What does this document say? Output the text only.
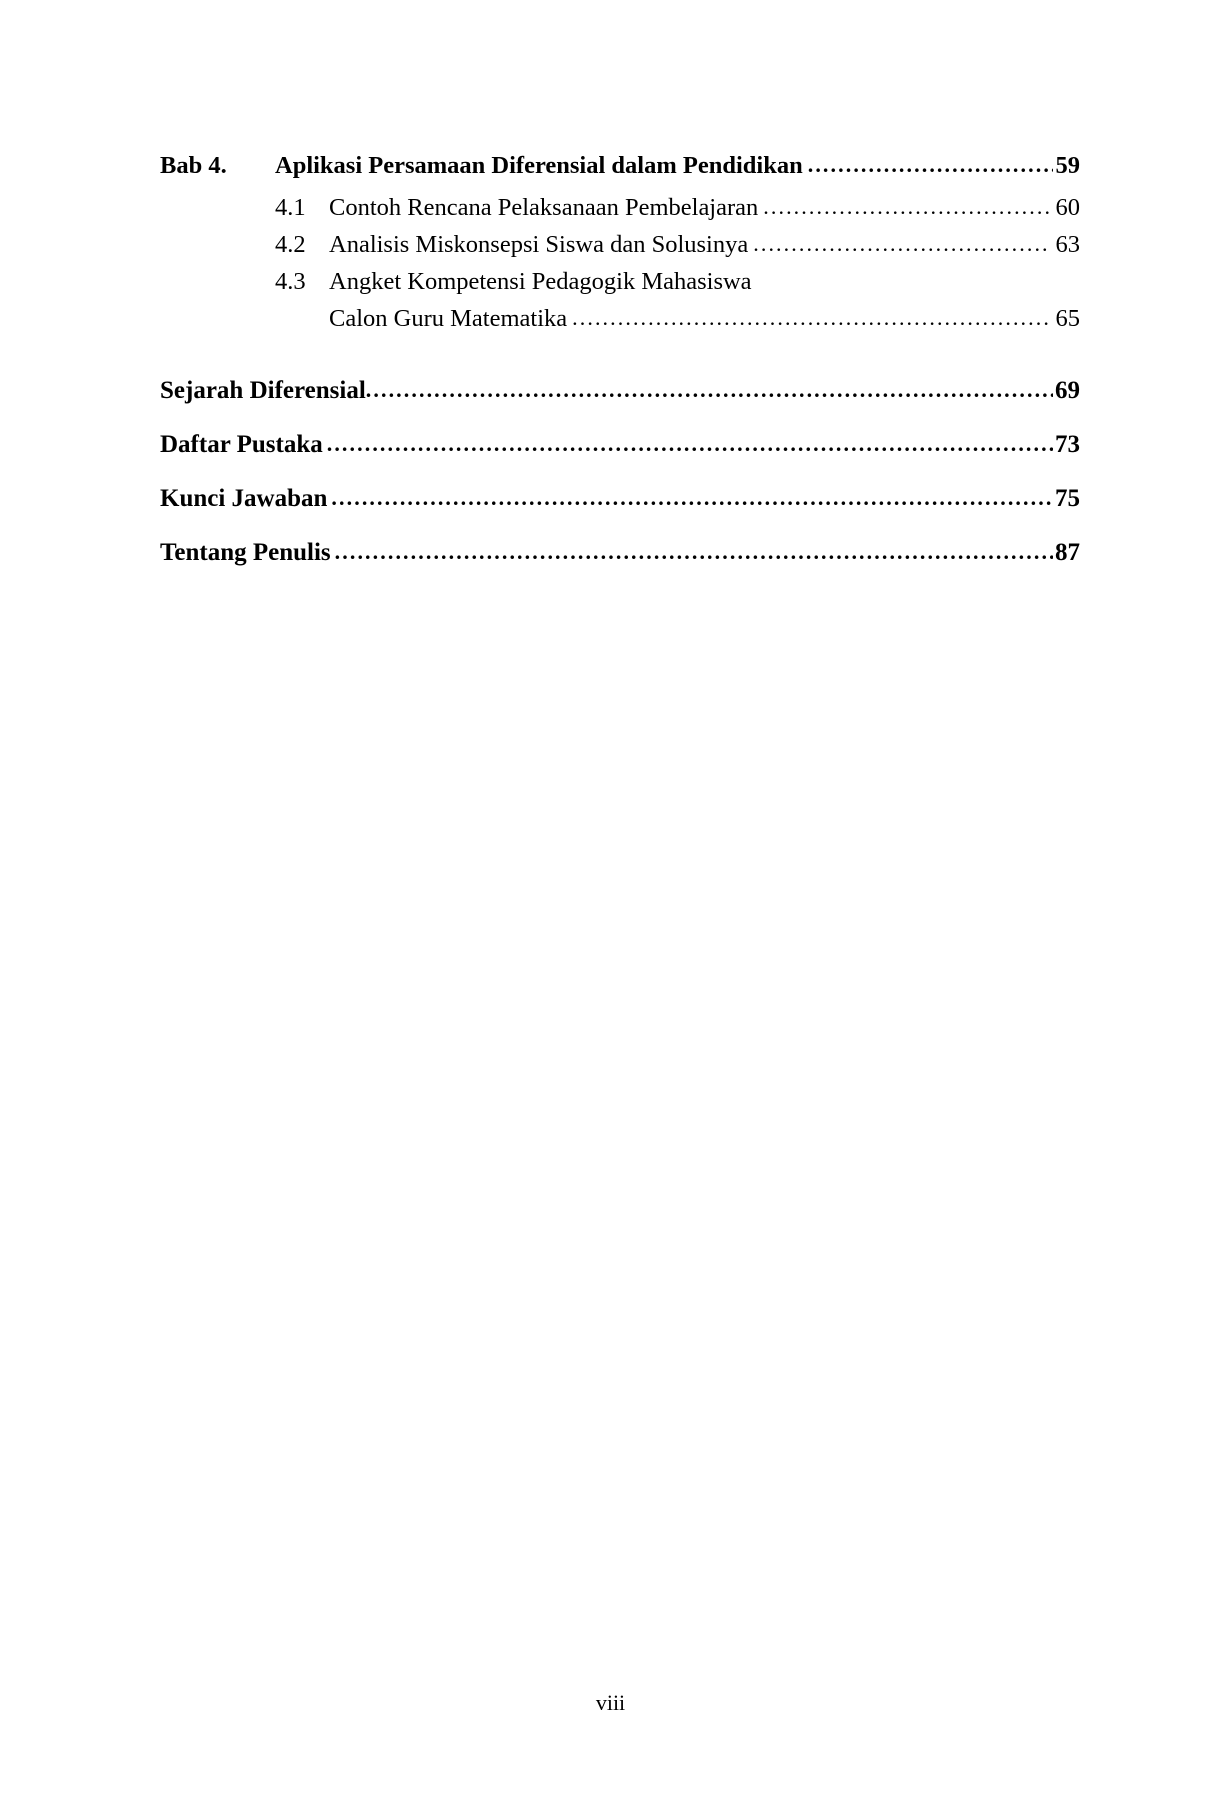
Bab 4.	Aplikasi Persamaan Diferensial dalam Pendidikan .....	59
4.1 Contoh Rencana Pelaksanaan Pembelajaran .....	60
4.2 Analisis Miskonsepsi Siswa dan Solusinya .....	63
4.3 Angket Kompetensi Pedagogik Mahasiswa
Calon Guru Matematika .....	65
Sejarah Diferensial .....	69
Daftar Pustaka .....	73
Kunci Jawaban .....	75
Tentang Penulis .....	87
viii
